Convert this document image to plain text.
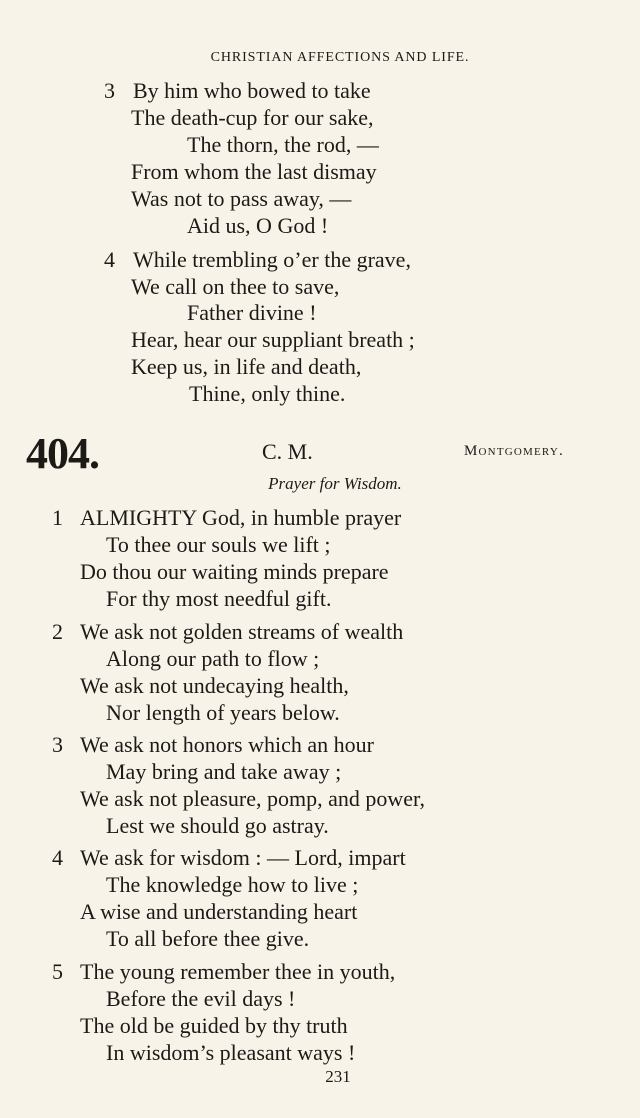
CHRISTIAN AFFECTIONS AND LIFE.
3 By him who bowed to take
The death-cup for our sake,
The thorn, the rod, —
From whom the last dismay
Was not to pass away, —
Aid us, O God !
4 While trembling o’er the grave,
We call on thee to save,
Father divine !
Hear, hear our suppliant breath ;
Keep us, in life and death,
Thine, only thine.
404.	C. M.	Montgomery.
Prayer for Wisdom.
1 ALMIGHTY God, in humble prayer
To thee our souls we lift ;
Do thou our waiting minds prepare
For thy most needful gift.
2 We ask not golden streams of wealth
Along our path to flow ;
We ask not undecaying health,
Nor length of years below.
3 We ask not honors which an hour
May bring and take away ;
We ask not pleasure, pomp, and power,
Lest we should go astray.
4 We ask for wisdom : — Lord, impart
The knowledge how to live ;
A wise and understanding heart
To all before thee give.
5 The young remember thee in youth,
Before the evil days !
The old be guided by thy truth
In wisdom’s pleasant ways !
231
